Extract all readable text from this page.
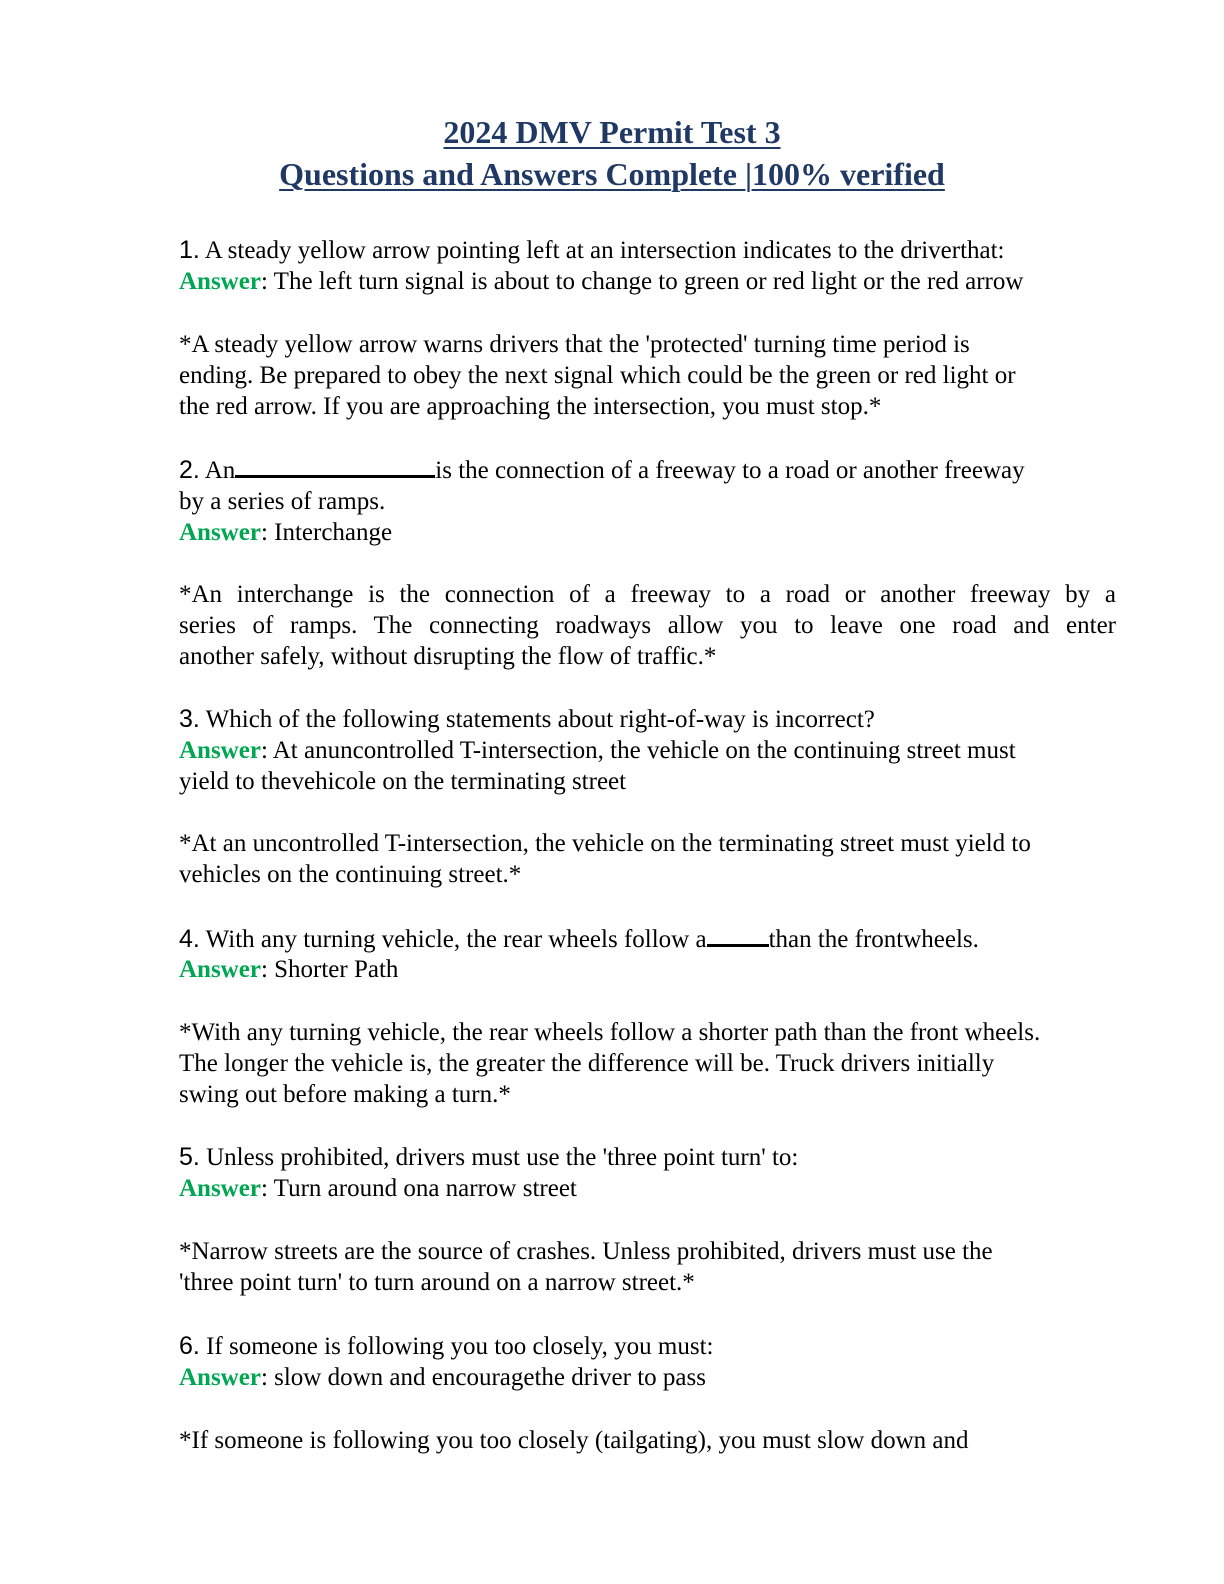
2024 DMV Permit Test 3
Questions and Answers Complete |100% verified
1. A steady yellow arrow pointing left at an intersection indicates to the driverthat:
Answer: The left turn signal is about to change to green or red light or the red arrow
*A steady yellow arrow warns drivers that the 'protected' turning time period is
ending. Be prepared to obey the next signal which could be the green or red light or
the red arrow. If you are approaching the intersection, you must stop.*
2. An	is the connection of a freeway to a road or another freeway
by a series of ramps.
Answer: Interchange
*An interchange is the connection of a freeway to a road or another freeway by a
series of ramps. The connecting roadways allow you to leave one road and enter
another safely, without disrupting the flow of traffic.*
3. Which of the following statements about right-of-way is incorrect?
Answer: At anuncontrolled T-intersection, the vehicle on the continuing street must
yield to thevehicole on the terminating street
*At an uncontrolled T-intersection, the vehicle on the terminating street must yield to
vehicles on the continuing street.*
4. With any turning vehicle, the rear wheels follow a than the frontwheels.
Answer: Shorter Path
*With any turning vehicle, the rear wheels follow a shorter path than the front wheels.
The longer the vehicle is, the greater the difference will be. Truck drivers initially
swing out before making a turn.*
5. Unless prohibited, drivers must use the 'three point turn' to:
Answer: Turn around ona narrow street
*Narrow streets are the source of crashes. Unless prohibited, drivers must use the
'three point turn' to turn around on a narrow street.*
6. If someone is following you too closely, you must:
Answer: slow down and encouragethe driver to pass
*If someone is following you too closely (tailgating), you must slow down and
